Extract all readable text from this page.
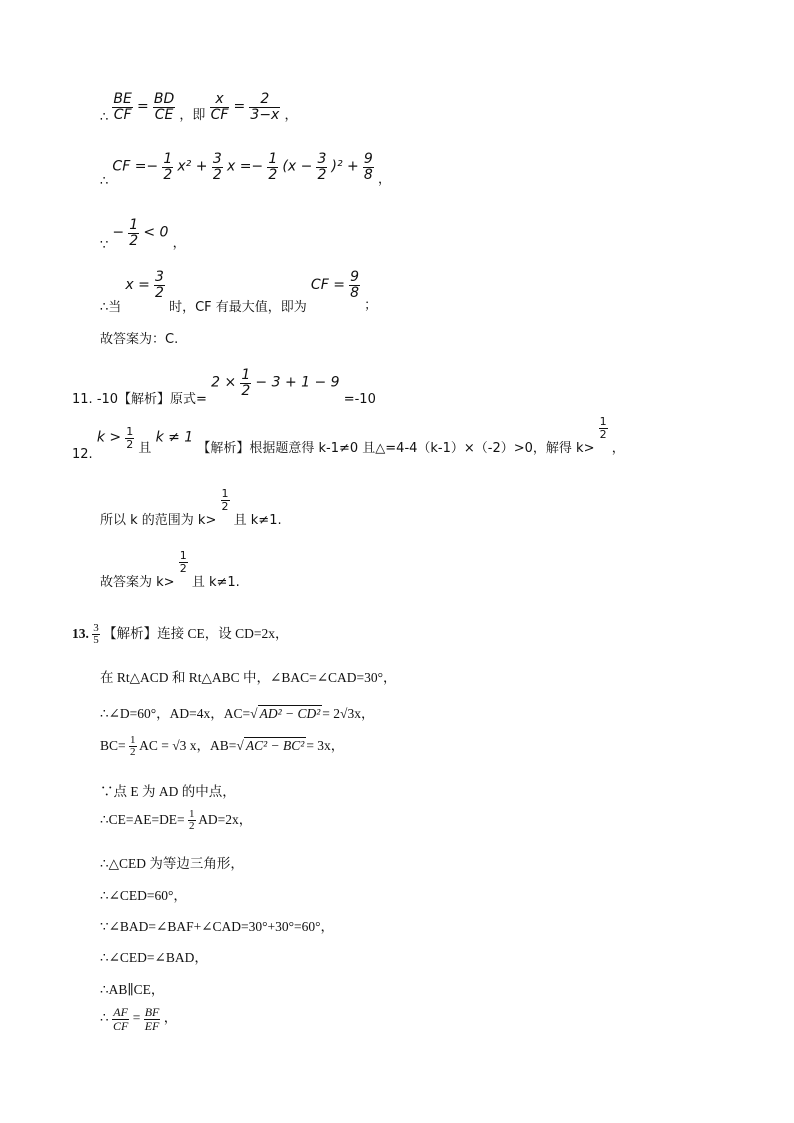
∴ $\frac{BE}{CF} = \frac{BD}{CE}$ ，即 $\frac{x}{CF} = \frac{2}{3-x}$ ，
∴ CF =− $\frac{1}{2} x^2 + \frac{3}{2}$ $x =- \frac{1}{2} (x - \frac{3}{2} )^2 + \frac{9}{8}$ ，
∵ − $\frac{1}{2} < 0$ ，
∴当 $x = \frac{3}{2}$
时，CF 有最大值，即为 CF = $\frac{9}{8}$
；
故答案为：C.
11. -10【解析】原式= $2 \times \frac{1}{2} - 3 + 1 - 9 =-10$
12. $k > \frac{1}{2}$ 且 k ≠ 1 【解析】根据题意得 k-1≠0 且△=4-4（k-1）×（-2）>0，解得 k>
$\frac{1}{2}$
，
所以 k 的范围为 k>
$\frac{1}{2}$
且 k≠1.
故答案为 k>
$\frac{1}{2}$
且 k≠1.
13. $\frac{3}{5}$ 【解析】连接 CE，设 CD=2x，
在 Rt△ACD 和 Rt△ABC 中，∠BAC=∠CAD=30°，
∴∠D=60°，AD=4x，AC=√ AD² − CD² = 2√3x，
$BC= \frac{1}{2}$ AC = √3 x，AB=√ AC² − BC² = 3x，
∵点 E 为 AD 的中点，
∴CE=AE=DE= $\frac{1}{2} AD=2x$，
∴△CED 为等边三角形，
∴∠CED=60°，
∵∠BAD=∠BAF+∠CAD=30°+30°=60°，
∴∠CED=∠BAD，
∴AB∥CE，
∴ $\frac{AF}{CF} = \frac{BF}{EF}$ ，
